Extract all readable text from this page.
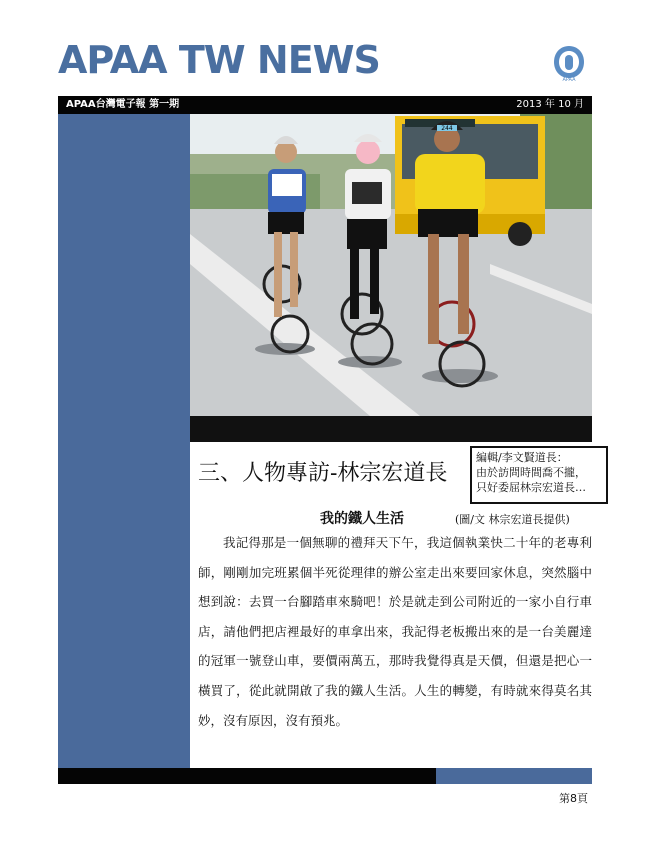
APAA TW NEWS	APAA
APAA台灣電子報 第一期	2013 年 10 月
244
三、人物專訪-林宗宏道長
編輯/李文賢道長：
由於訪問時間喬不攏，
只好委屈林宗宏道長…
我的鐵人生活	(圖/文 林宗宏道長提供)

我記得那是一個無聊的禮拜天下午，我這個執業快二十年的老專利師，剛剛加完班累個半死從理律的辦公室走出來要回家休息，突然腦中想到說：去買一台腳踏車來騎吧！於是就走到公司附近的一家小自行車店，請他們把店裡最好的車拿出來，我記得老板搬出來的是一台美麗達的冠軍一號登山車，要價兩萬五，那時我覺得真是天價，但還是把心一橫買了，從此就開啟了我的鐵人生活。人生的轉變，有時就來得莫名其妙，沒有原因，沒有預兆。

第8頁
